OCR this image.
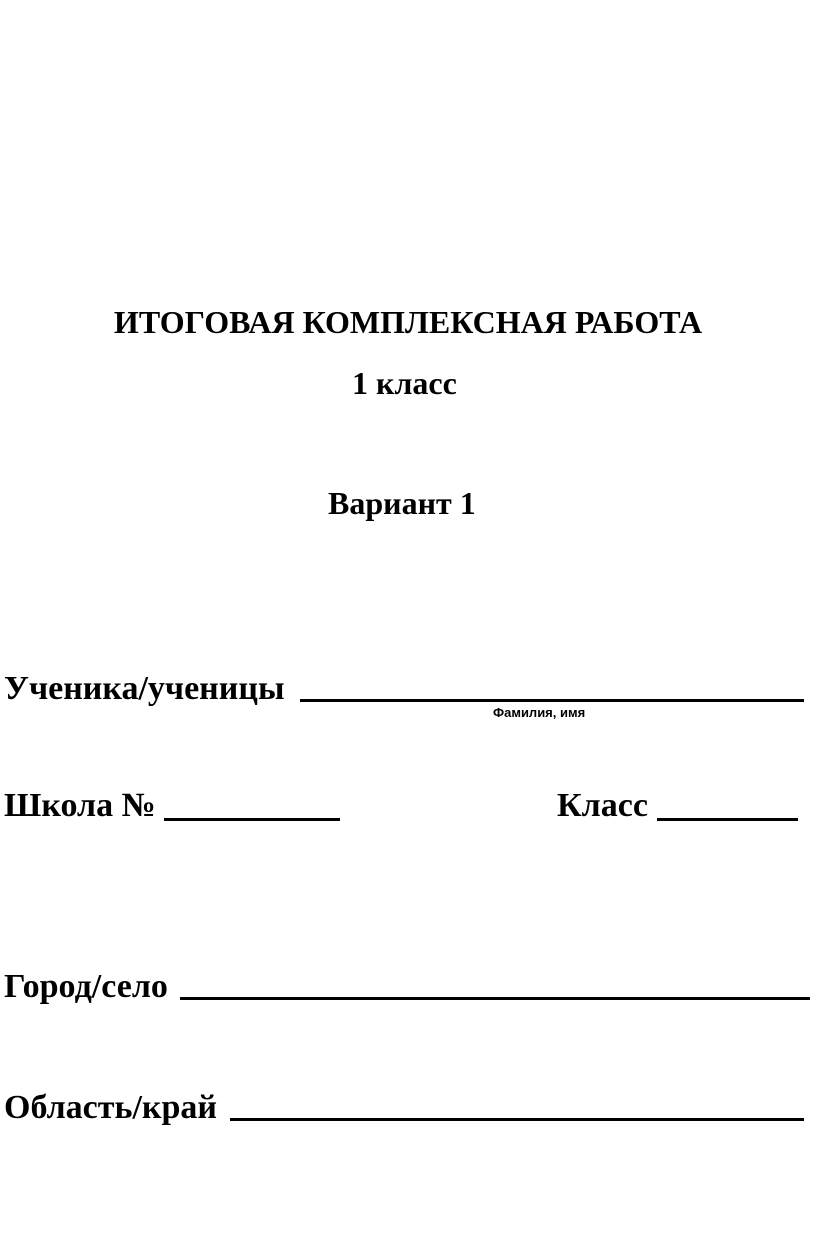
ИТОГОВАЯ КОМПЛЕКСНАЯ РАБОТА
1 класс
Вариант 1
Ученика/ученицы
Фамилия, имя
Школа №	Класс
Город/село
Область/край
